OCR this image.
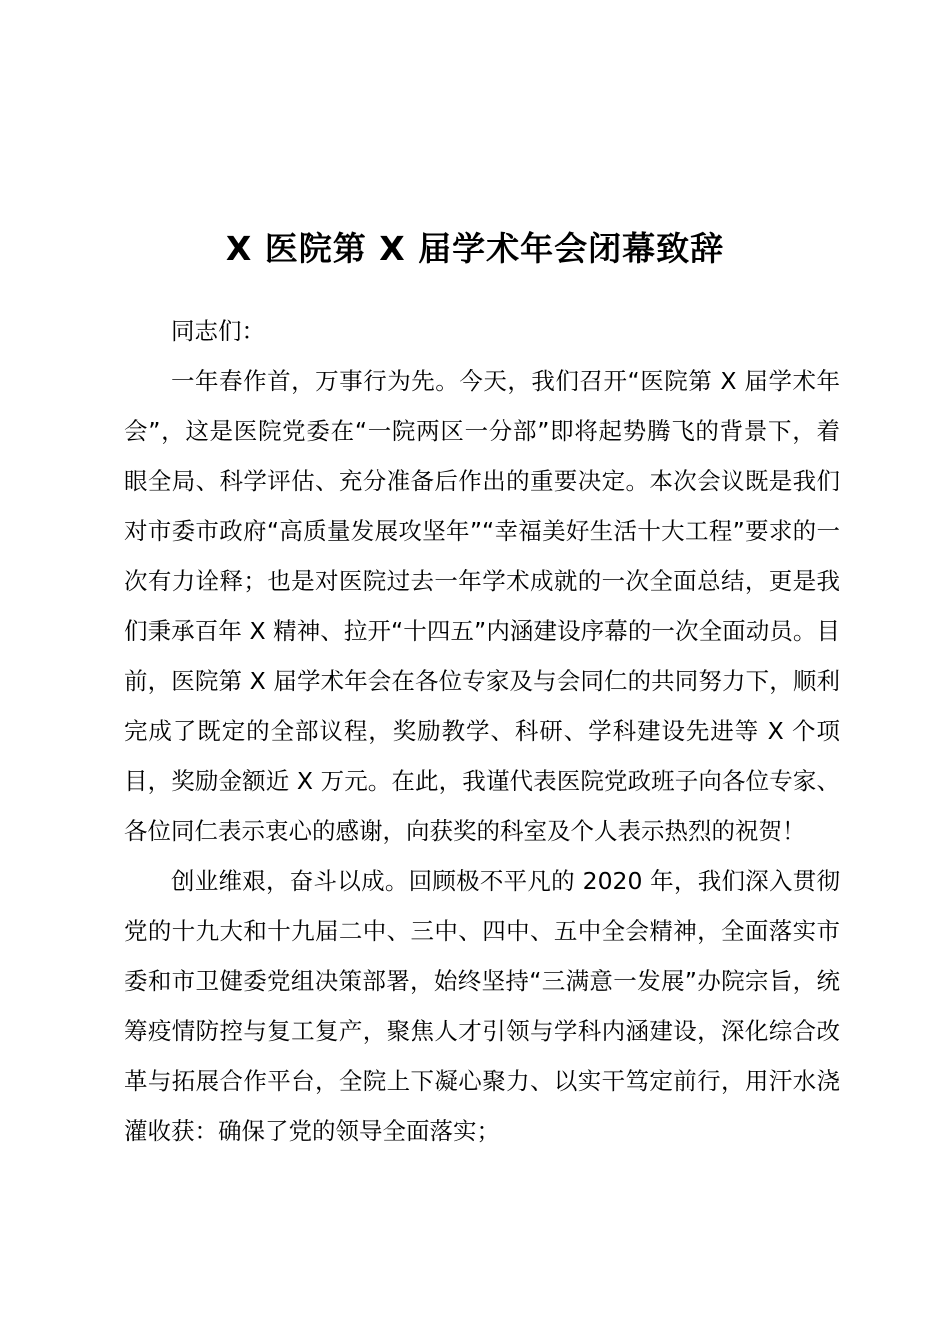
X 医院第 X 届学术年会闭幕致辞

同志们：

一年春作首，万事行为先。今天，我们召开“医院第 X 届学术年会”，这是医院党委在“一院两区一分部”即将起势腾飞的背景下，着眼全局、科学评估、充分准备后作出的重要决定。本次会议既是我们对市委市政府“高质量发展攻坚年”“幸福美好生活十大工程”要求的一次有力诠释；也是对医院过去一年学术成就的一次全面总结，更是我们秉承百年 X 精神、拉开“十四五”内涵建设序幕的一次全面动员。目前，医院第 X 届学术年会在各位专家及与会同仁的共同努力下，顺利完成了既定的全部议程，奖励教学、科研、学科建设先进等 X 个项目，奖励金额近 X 万元。在此，我谨代表医院党政班子向各位专家、各位同仁表示衷心的感谢，向获奖的科室及个人表示热烈的祝贺！

创业维艰，奋斗以成。回顾极不平凡的 2020 年，我们深入贯彻党的十九大和十九届二中、三中、四中、五中全会精神，全面落实市委和市卫健委党组决策部署，始终坚持“三满意一发展”办院宗旨，统筹疫情防控与复工复产，聚焦人才引领与学科内涵建设，深化综合改革与拓展合作平台，全院上下凝心聚力、以实干笃定前行，用汗水浇灌收获：确保了党的领导全面落实；
